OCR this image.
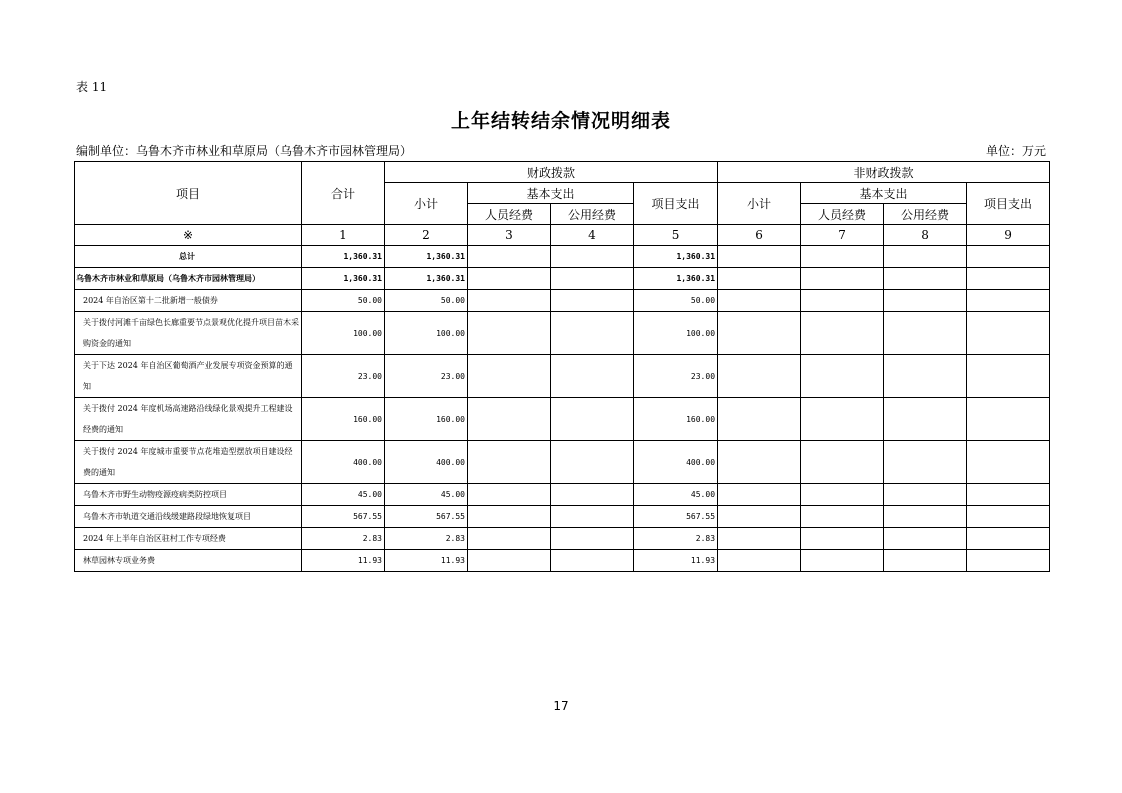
表 11
上年结转结余情况明细表
编制单位：乌鲁木齐市林业和草原局（乌鲁木齐市园林管理局）	单位：万元
项目	合计	财政拨款				非财政拨款			
		小计	基本支出		项目支出	小计	基本支出		项目支出
			人员经费	公用经费			人员经费	公用经费	
※	1	2	3	4	5	6	7	8	9
总计	1,360.31	1,360.31			1,360.31				
乌鲁木齐市林业和草原局（乌鲁木齐市园林管理局）	1,360.31	1,360.31			1,360.31				
2024 年自治区第十二批新增一般债券	50.00	50.00			50.00				
关于拨付河滩千亩绿色长廊重要节点景观优化提升项目苗木采购资金的通知	100.00	100.00			100.00				
关于下达 2024 年自治区葡萄酒产业发展专项资金预算的通知	23.00	23.00			23.00				
关于拨付 2024 年度机场高速路沿线绿化景观提升工程建设经费的通知	160.00	160.00			160.00				
关于拨付 2024 年度城市重要节点花堆造型摆放项目建设经费的通知	400.00	400.00			400.00				
乌鲁木齐市野生动物疫源疫病类防控项目	45.00	45.00			45.00				
乌鲁木齐市轨道交通沿线缓建路段绿地恢复项目	567.55	567.55			567.55				
2024 年上半年自治区驻村工作专项经费	2.83	2.83			2.83				
林草园林专项业务费	11.93	11.93			11.93				
17
